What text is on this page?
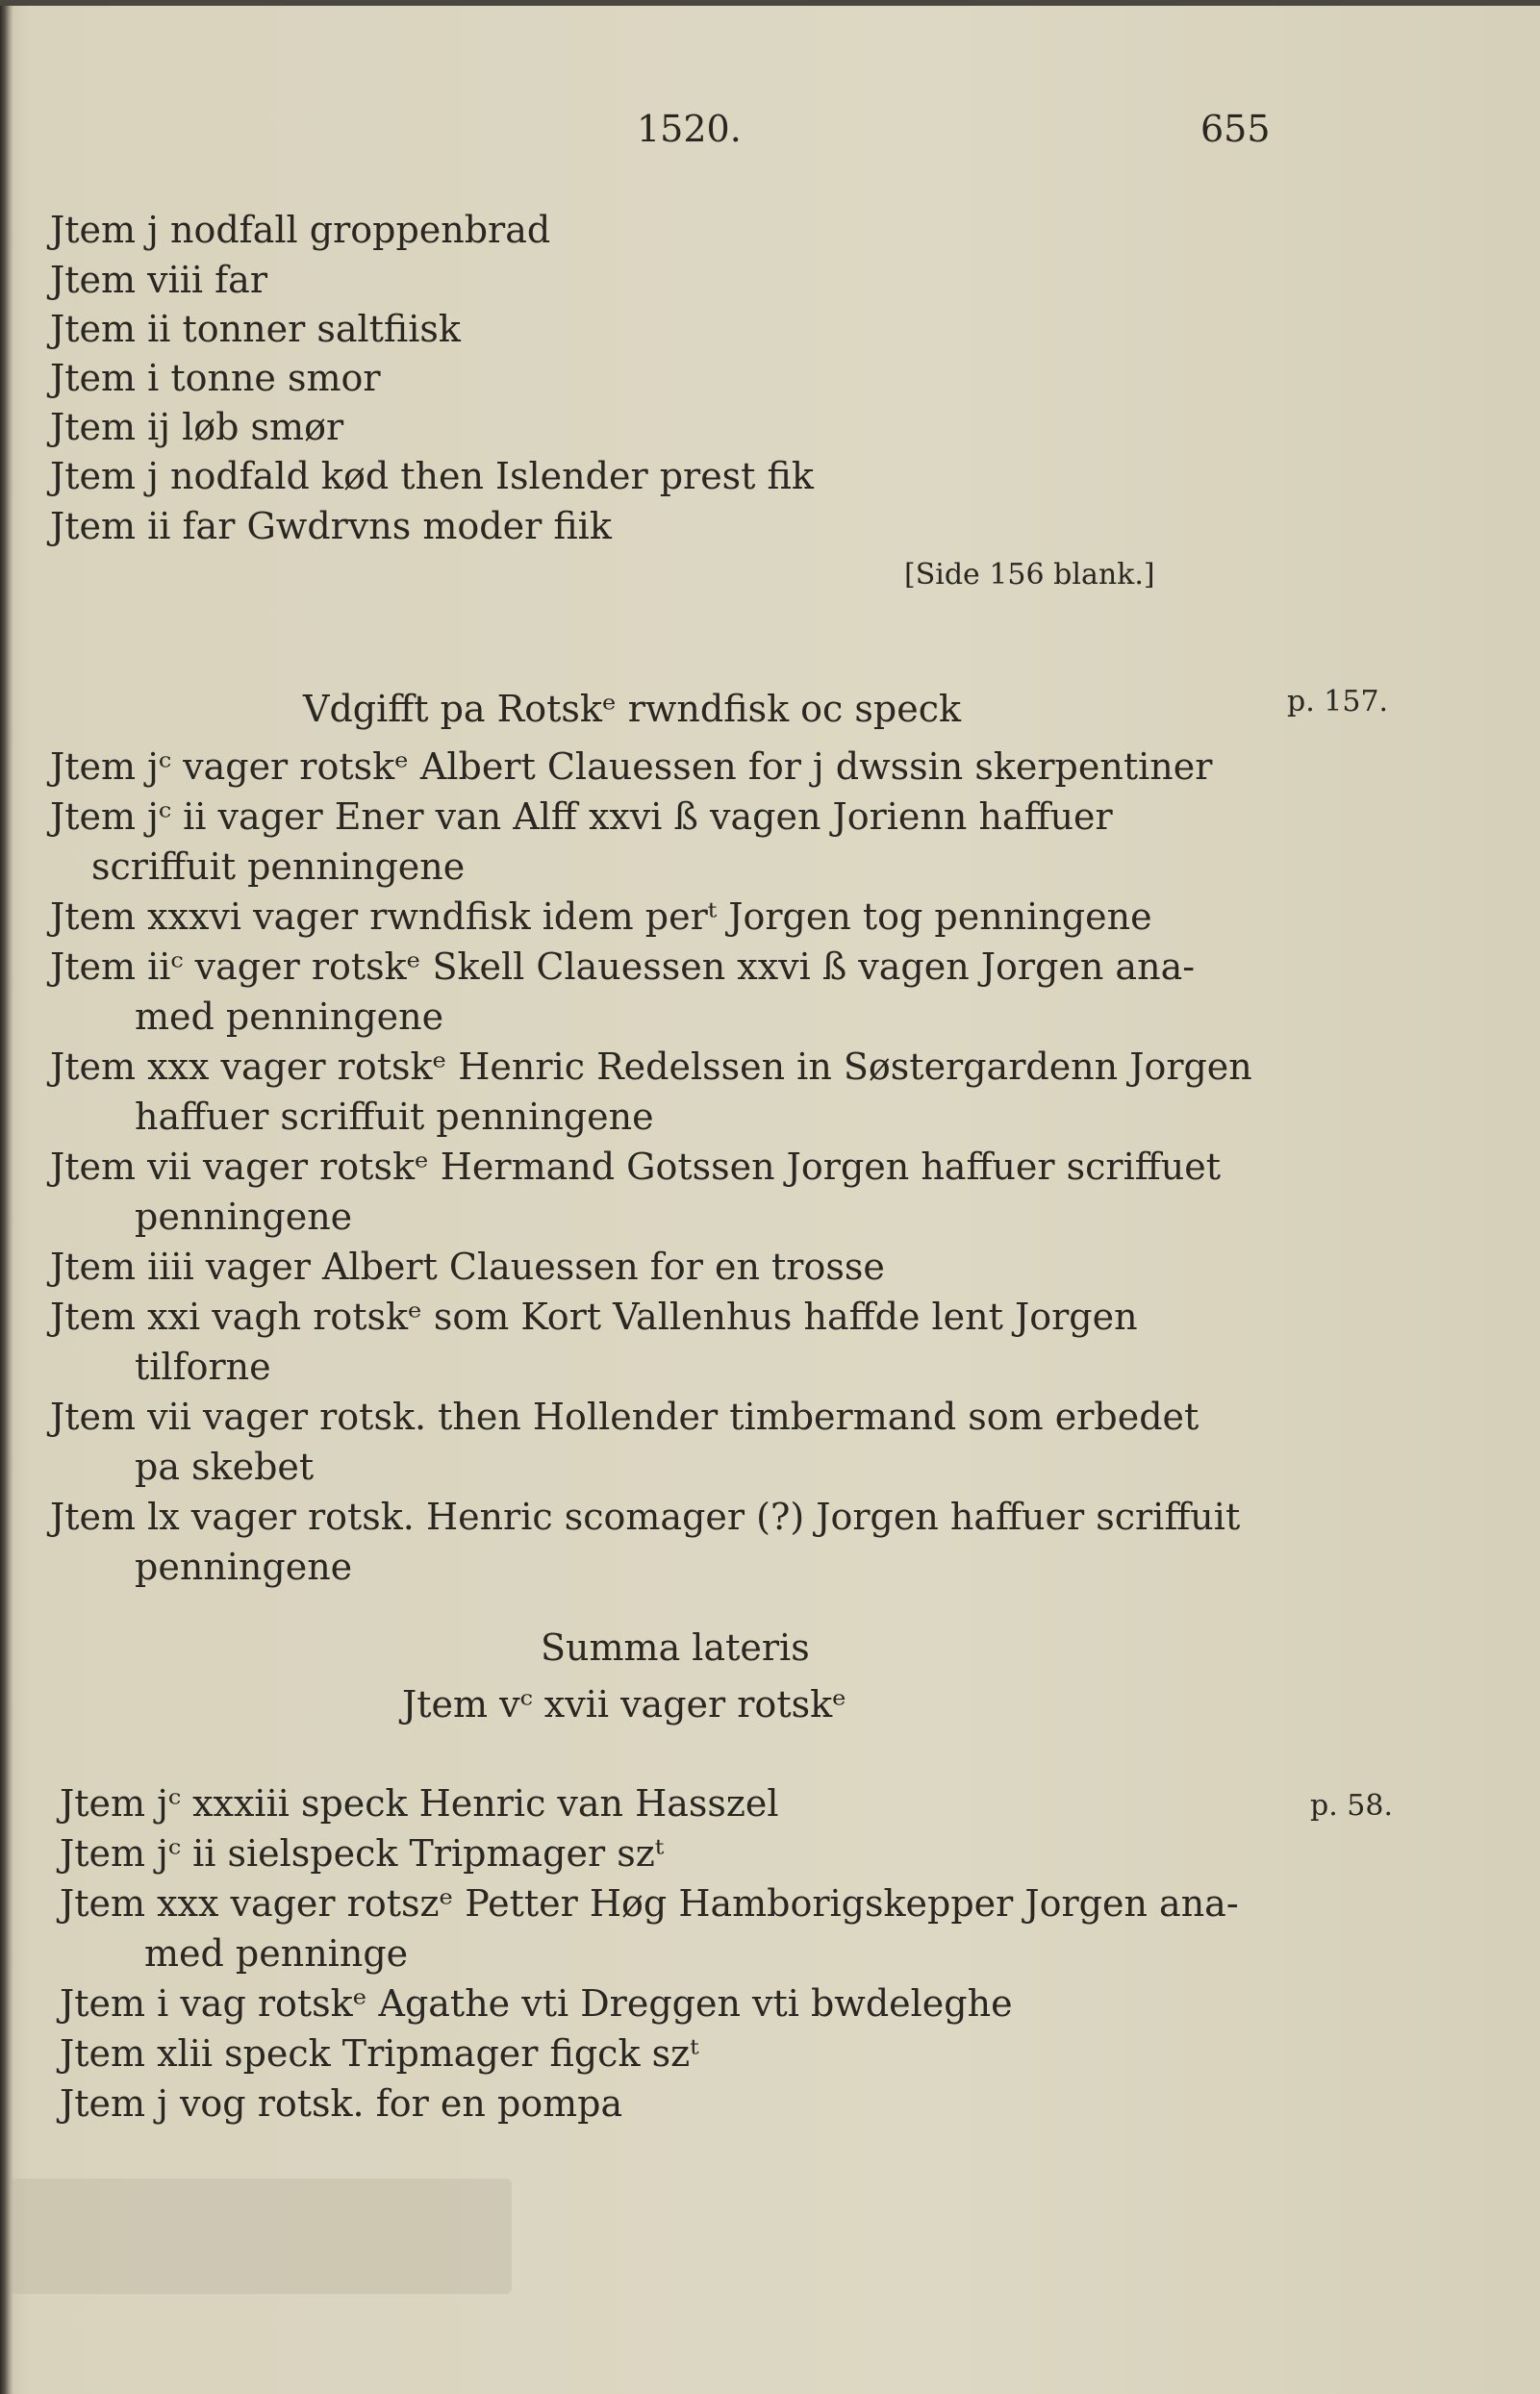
1520.	655
Jtem j nodfall groppenbrad
Jtem viii far
Jtem ii tonner saltfiisk
Jtem i tonne smor
Jtem ij løb smør
Jtem j nodfald kød then Islender prest fik
Jtem ii far Gwdrvns moder fiik
[Side 156 blank.]
Vdgifft pa Rotskᵉ rwndfisk oc speck	p. 157.
Jtem jᶜ vager rotskᵉ Albert Clauessen for j dwssin skerpentiner
Jtem jᶜ ii vager Ener van Alff xxvi ß vagen Jorienn haffuer
scriffuit penningene
Jtem xxxvi vager rwndfisk idem perᵗ Jorgen tog penningene
Jtem iiᶜ vager rotskᵉ Skell Clauessen xxvi ß vagen Jorgen ana-
med penningene
Jtem xxx vager rotskᵉ Henric Redelssen in Søstergardenn Jorgen
haffuer scriffuit penningene
Jtem vii vager rotskᵉ Hermand Gotssen Jorgen haffuer scriffuet
penningene
Jtem iiii vager Albert Clauessen for en trosse
Jtem xxi vagh rotskᵉ som Kort Vallenhus haffde lent Jorgen
tilforne
Jtem vii vager rotsk. then Hollender timbermand som erbedet
pa skebet
Jtem lx vager rotsk. Henric scomager (?) Jorgen haffuer scriffuit
penningene
Summa lateris
Jtem vᶜ xvii vager rotskᵉ
Jtem jᶜ xxxiii speck Henric van Hasszel	p. 58.
Jtem jᶜ ii sielspeck Tripmager szᵗ
Jtem xxx vager rotszᵉ Petter Høg Hamborigskepper Jorgen ana-
med penninge
Jtem i vag rotskᵉ Agathe vti Dreggen vti bwdeleghe
Jtem xlii speck Tripmager figck szᵗ
Jtem j vog rotsk. for en pompa
